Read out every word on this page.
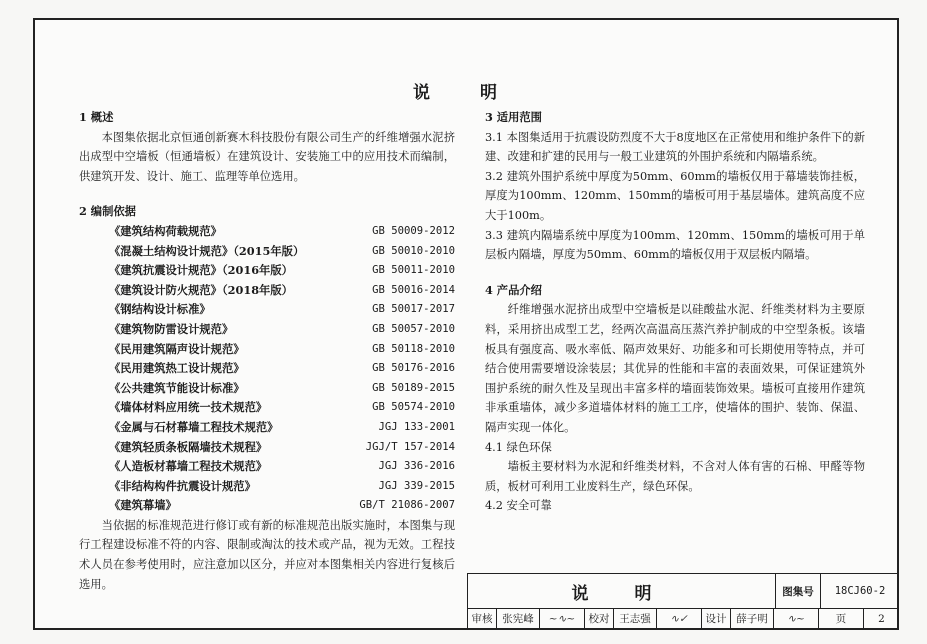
说 明

1 概述

本图集依据北京恒通创新赛木科技股份有限公司生产的纤维增强水泥挤出成型中空墙板（恒通墙板）在建筑设计、安装施工中的应用技术而编制，供建筑开发、设计、施工、监理等单位选用。

2 编制依据

《建筑结构荷载规范》	GB 50009-2012
《混凝土结构设计规范》（2015年版）	GB 50010-2010
《建筑抗震设计规范》（2016年版）	GB 50011-2010
《建筑设计防火规范》（2018年版）	GB 50016-2014
《钢结构设计标准》	GB 50017-2017
《建筑物防雷设计规范》	GB 50057-2010
《民用建筑隔声设计规范》	GB 50118-2010
《民用建筑热工设计规范》	GB 50176-2016
《公共建筑节能设计标准》	GB 50189-2015
《墙体材料应用统一技术规范》	GB 50574-2010
《金属与石材幕墙工程技术规范》	JGJ 133-2001
《建筑轻质条板隔墙技术规程》	JGJ/T 157-2014
《人造板材幕墙工程技术规范》	JGJ 336-2016
《非结构构件抗震设计规范》	JGJ 339-2015
《建筑幕墙》	GB/T 21086-2007

当依据的标准规范进行修订或有新的标准规范出版实施时，本图集与现行工程建设标准不符的内容、限制或淘汰的技术或产品，视为无效。工程技术人员在参考使用时，应注意加以区分，并应对本图集相关内容进行复核后选用。

3 适用范围

3.1 本图集适用于抗震设防烈度不大于8度地区在正常使用和维护条件下的新建、改建和扩建的民用与一般工业建筑的外围护系统和内隔墙系统。

3.2 建筑外围护系统中厚度为50mm、60mm的墙板仅用于幕墙装饰挂板，厚度为100mm、120mm、150mm的墙板可用于基层墙体。建筑高度不应大于100m。

3.3 建筑内隔墙系统中厚度为100mm、120mm、150mm的墙板可用于单层板内隔墙，厚度为50mm、60mm的墙板仅用于双层板内隔墙。

4 产品介绍

纤维增强水泥挤出成型中空墙板是以硅酸盐水泥、纤维类材料为主要原料，采用挤出成型工艺，经两次高温高压蒸汽养护制成的中空型条板。该墙板具有强度高、吸水率低、隔声效果好、功能多和可长期使用等特点，并可结合使用需要增设涂装层；其优异的性能和丰富的表面效果，可保证建筑外围护系统的耐久性及呈现出丰富多样的墙面装饰效果。墙板可直接用作建筑非承重墙体，减少多道墙体材料的施工工序，使墙体的围护、装饰、保温、隔声实现一体化。

4.1 绿色环保

墙板主要材料为水泥和纤维类材料，不含对人体有害的石棉、甲醛等物质，板材可利用工业废料生产，绿色环保。

4.2 安全可靠

说 明	图集号	18CJ60-2
审核 张宪峰	~∿~	校对 王志强	∿✓	设计 薛子明	∿~	页	2
